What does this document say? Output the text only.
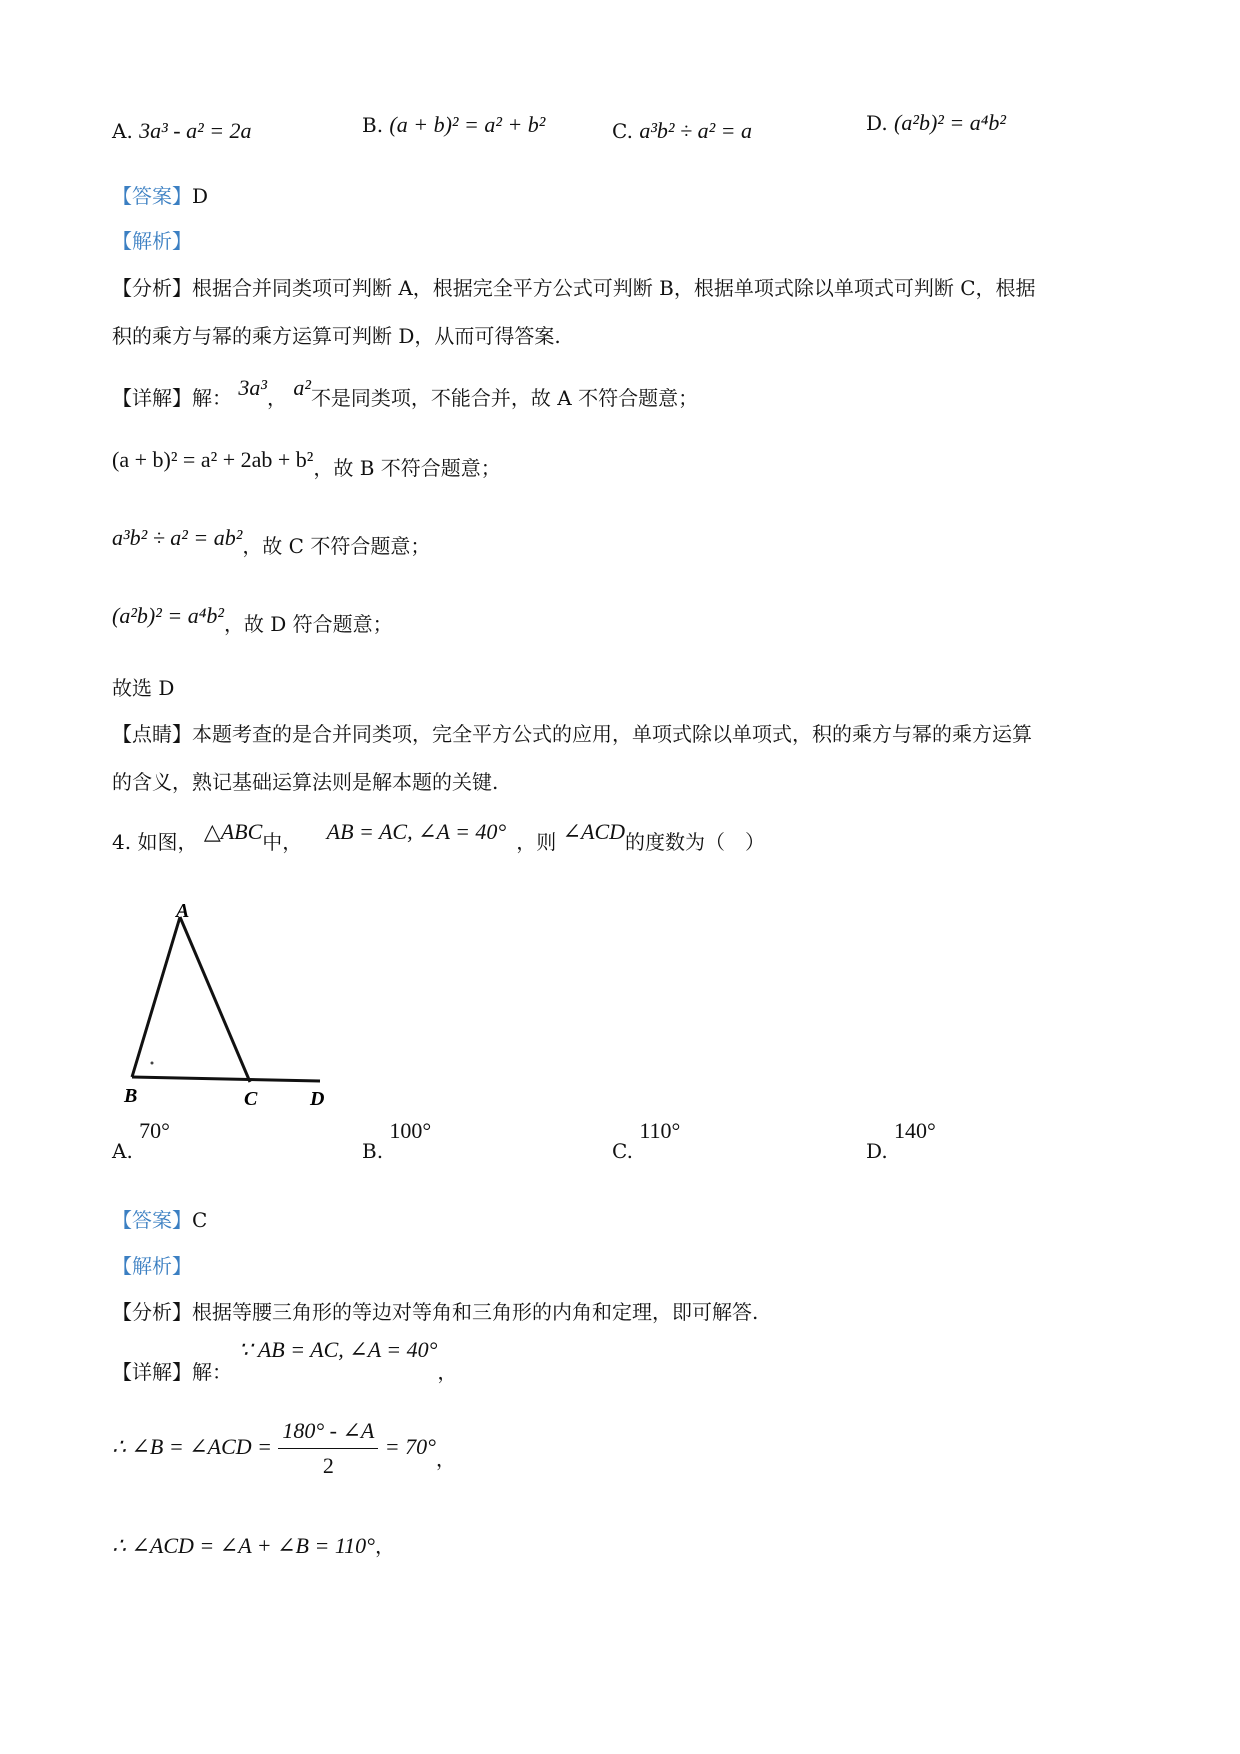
A. 3a³ - a² = 2a	B. (a + b)² = a² + b²	C. a³b² ÷ a² = a	D. (a²b)² = a⁴b²
【答案】D
【解析】
【分析】根据合并同类项可判断 A，根据完全平方公式可判断 B，根据单项式除以单项式可判断 C，根据
积的乘方与幂的乘方运算可判断 D，从而可得答案.
【详解】解： 3a³， a²不是同类项，不能合并，故 A 不符合题意；
(a + b)² = a² + 2ab + b²，故 B 不符合题意；
a³b² ÷ a² = ab²，故 C 不符合题意；
(a²b)² = a⁴b²，故 D 符合题意；
故选 D
【点睛】本题考查的是合并同类项，完全平方公式的应用，单项式除以单项式，积的乘方与幂的乘方运算
的含义，熟记基础运算法则是解本题的关键.
4. 如图， △ABC中， AB = AC, ∠A = 40° ，则 ∠ACD的度数为（　）
A
B	C	D
A. 70°
B. 100°
C. 110°
D. 140°
【答案】C
【解析】
【分析】根据等腰三角形的等边对等角和三角形的内角和定理，即可解答.
【详解】解： ∵ AB = AC, ∠A = 40°，
∴ ∠B = ∠ACD = $\frac{180^\circ - \angle A}{2} = 70^\circ$，
∴ ∠ACD = ∠A + ∠B = 110°，
